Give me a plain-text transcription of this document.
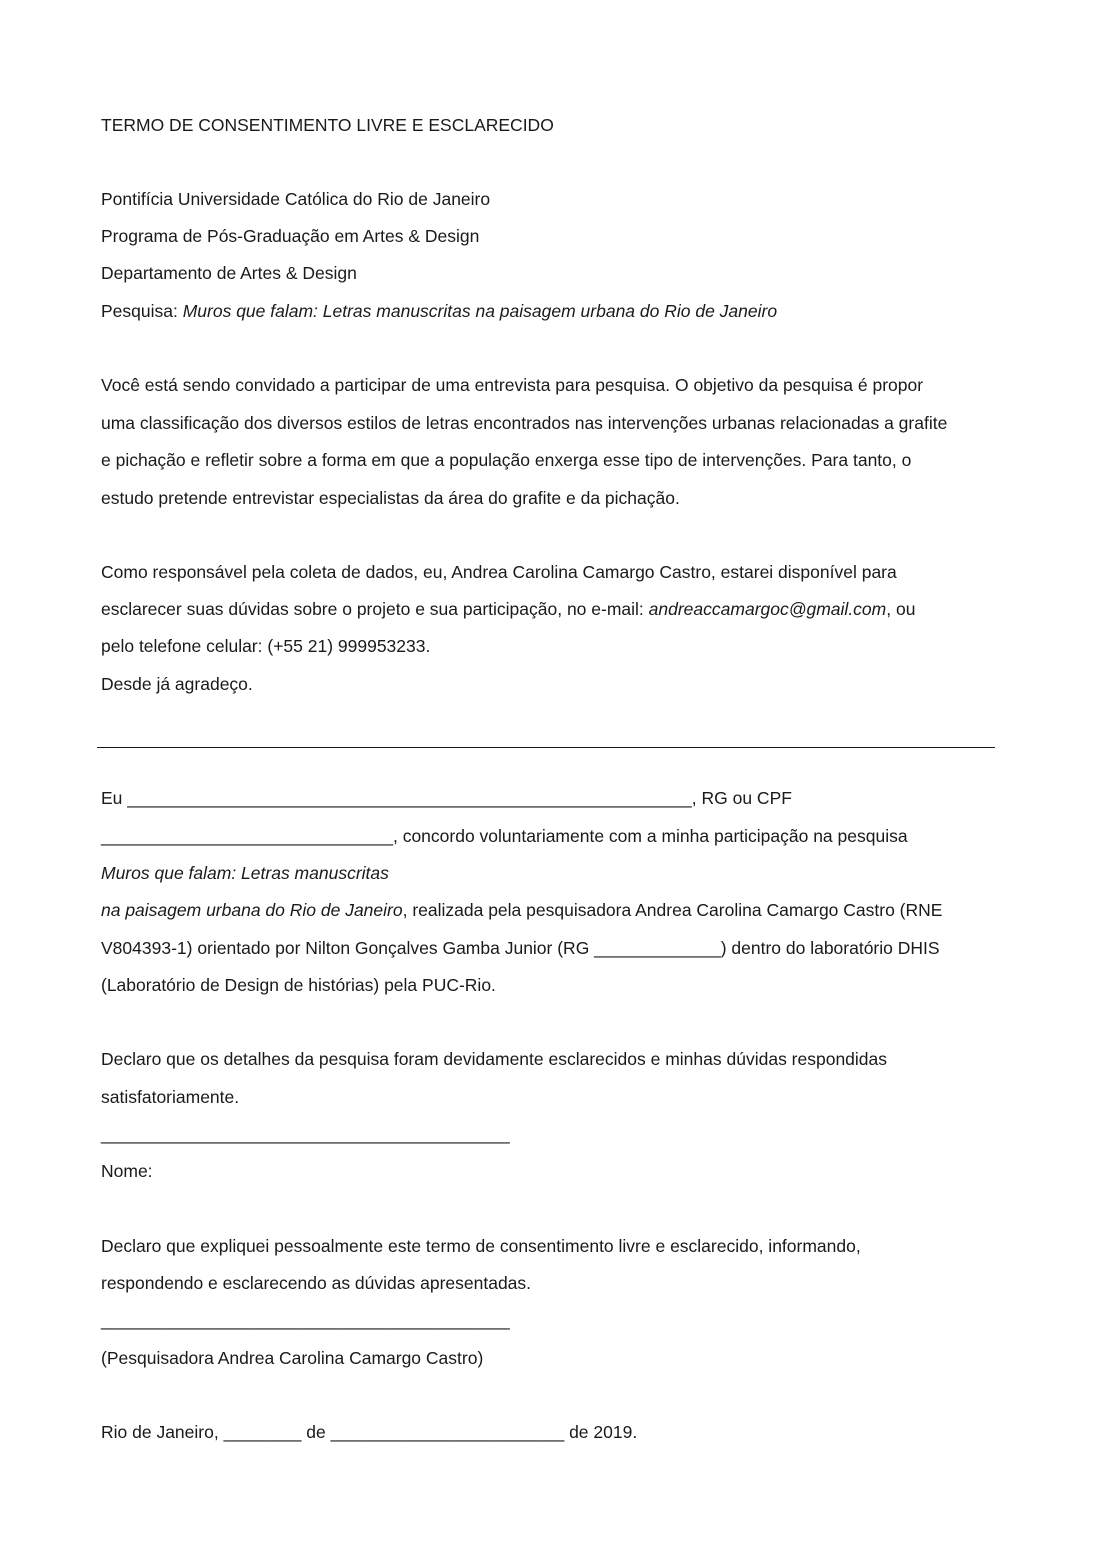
TERMO DE CONSENTIMENTO LIVRE E ESCLARECIDO
Pontifícia Universidade Católica do Rio de Janeiro
Programa de Pós-Graduação em Artes & Design
Departamento de Artes & Design
Pesquisa: Muros que falam: Letras manuscritas na paisagem urbana do Rio de Janeiro
Você está sendo convidado a participar de uma entrevista para pesquisa. O objetivo da pesquisa é propor
uma classificação dos diversos estilos de letras encontrados nas intervenções urbanas relacionadas a grafite
e pichação e refletir sobre a forma em que a população enxerga esse tipo de intervenções. Para tanto, o
estudo pretende entrevistar especialistas da área do grafite e da pichação.
Como responsável pela coleta de dados, eu, Andrea Carolina Camargo Castro, estarei disponível para
esclarecer suas dúvidas sobre o projeto e sua participação, no e-mail: andreaccamargoc@gmail.com, ou
pelo telefone celular: (+55 21) 999953233.
Desde já agradeço.
Eu __________________________________________________________, RG ou CPF
______________________________, concordo voluntariamente com a minha participação na pesquisa
Muros que falam: Letras manuscritas
na paisagem urbana do Rio de Janeiro, realizada pela pesquisadora Andrea Carolina Camargo Castro (RNE
V804393-1) orientado por Nilton Gonçalves Gamba Junior (RG _____________) dentro do laboratório DHIS
(Laboratório de Design de histórias) pela PUC-Rio.
Declaro que os detalhes da pesquisa foram devidamente esclarecidos e minhas dúvidas respondidas
satisfatoriamente.
__________________________________________
Nome:
Declaro que expliquei pessoalmente este termo de consentimento livre e esclarecido, informando,
respondendo e esclarecendo as dúvidas apresentadas.
__________________________________________
(Pesquisadora Andrea Carolina Camargo Castro)
Rio de Janeiro, ________ de ________________________ de 2019.
